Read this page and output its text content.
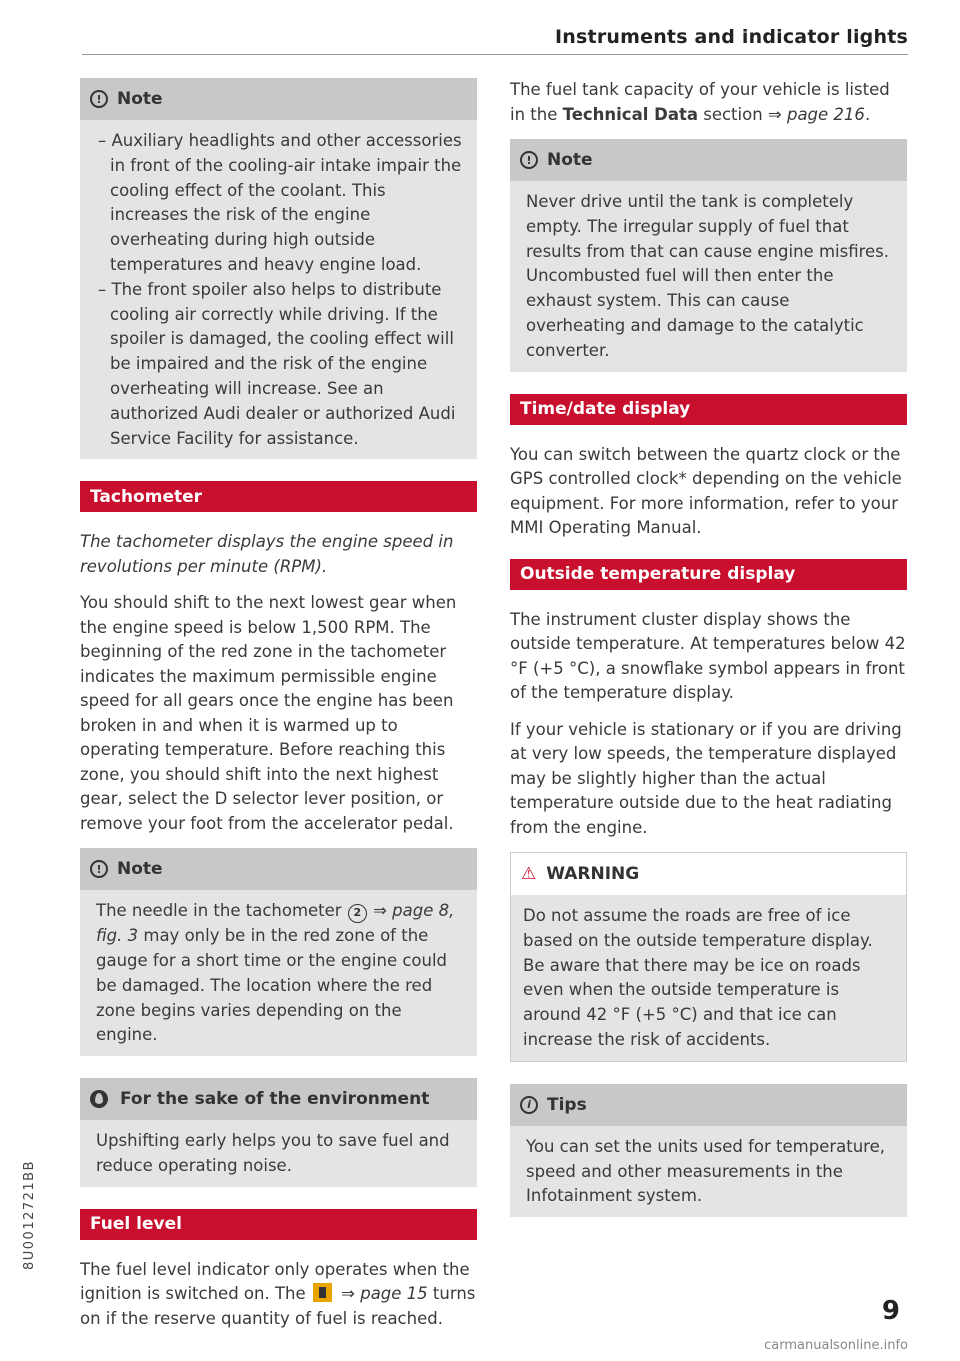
Instruments and indicator lights
! Note
– Auxiliary headlights and other accessories in front of the cooling-air intake impair the cooling effect of the coolant. This increases the risk of the engine overheating during high outside temperatures and heavy engine load.
– The front spoiler also helps to distribute cooling air correctly while driving. If the spoiler is damaged, the cooling effect will be impaired and the risk of the engine overheating will increase. See an authorized Audi dealer or authorized Audi Service Facility for assistance.
Tachometer

The tachometer displays the engine speed in revolutions per minute (RPM).

You should shift to the next lowest gear when the engine speed is below 1,500 RPM. The beginning of the red zone in the tachometer indicates the maximum permissible engine speed for all gears once the engine has been broken in and when it is warmed up to operating temperature. Before reaching this zone, you should shift into the next highest gear, select the D selector lever position, or remove your foot from the accelerator pedal.

! Note
The needle in the tachometer 2 ⇒ page 8, fig. 3 may only be in the red zone of the gauge for a short time or the engine could be damaged. The location where the red zone begins varies depending on the engine.
For the sake of the environment
Upshifting early helps you to save fuel and reduce operating noise.
Fuel level

The fuel level indicator only operates when the ignition is switched on. The  ⇒ page 15 turns on if the reserve quantity of fuel is reached.

The fuel tank capacity of your vehicle is listed in the Technical Data section ⇒ page 216.

! Note
Never drive until the tank is completely empty. The irregular supply of fuel that results from that can cause engine misfires. Uncombusted fuel will then enter the exhaust system. This can cause overheating and damage to the catalytic converter.
Time/date display

You can switch between the quartz clock or the GPS controlled clock* depending on the vehicle equipment. For more information, refer to your MMI Operating Manual.

Outside temperature display

The instrument cluster display shows the outside temperature. At temperatures below 42 °F (+5 °C), a snowflake symbol appears in front of the temperature display.

If your vehicle is stationary or if you are driving at very low speeds, the temperature displayed may be slightly higher than the actual temperature outside due to the heat radiating from the engine.

⚠ WARNING
Do not assume the roads are free of ice based on the outside temperature display. Be aware that there may be ice on roads even when the outside temperature is around 42 °F (+5 °C) and that ice can increase the risk of accidents.
i Tips
You can set the units used for temperature, speed and other measurements in the Infotainment system.
8U0012721BB
9
carmanualsonline.info
